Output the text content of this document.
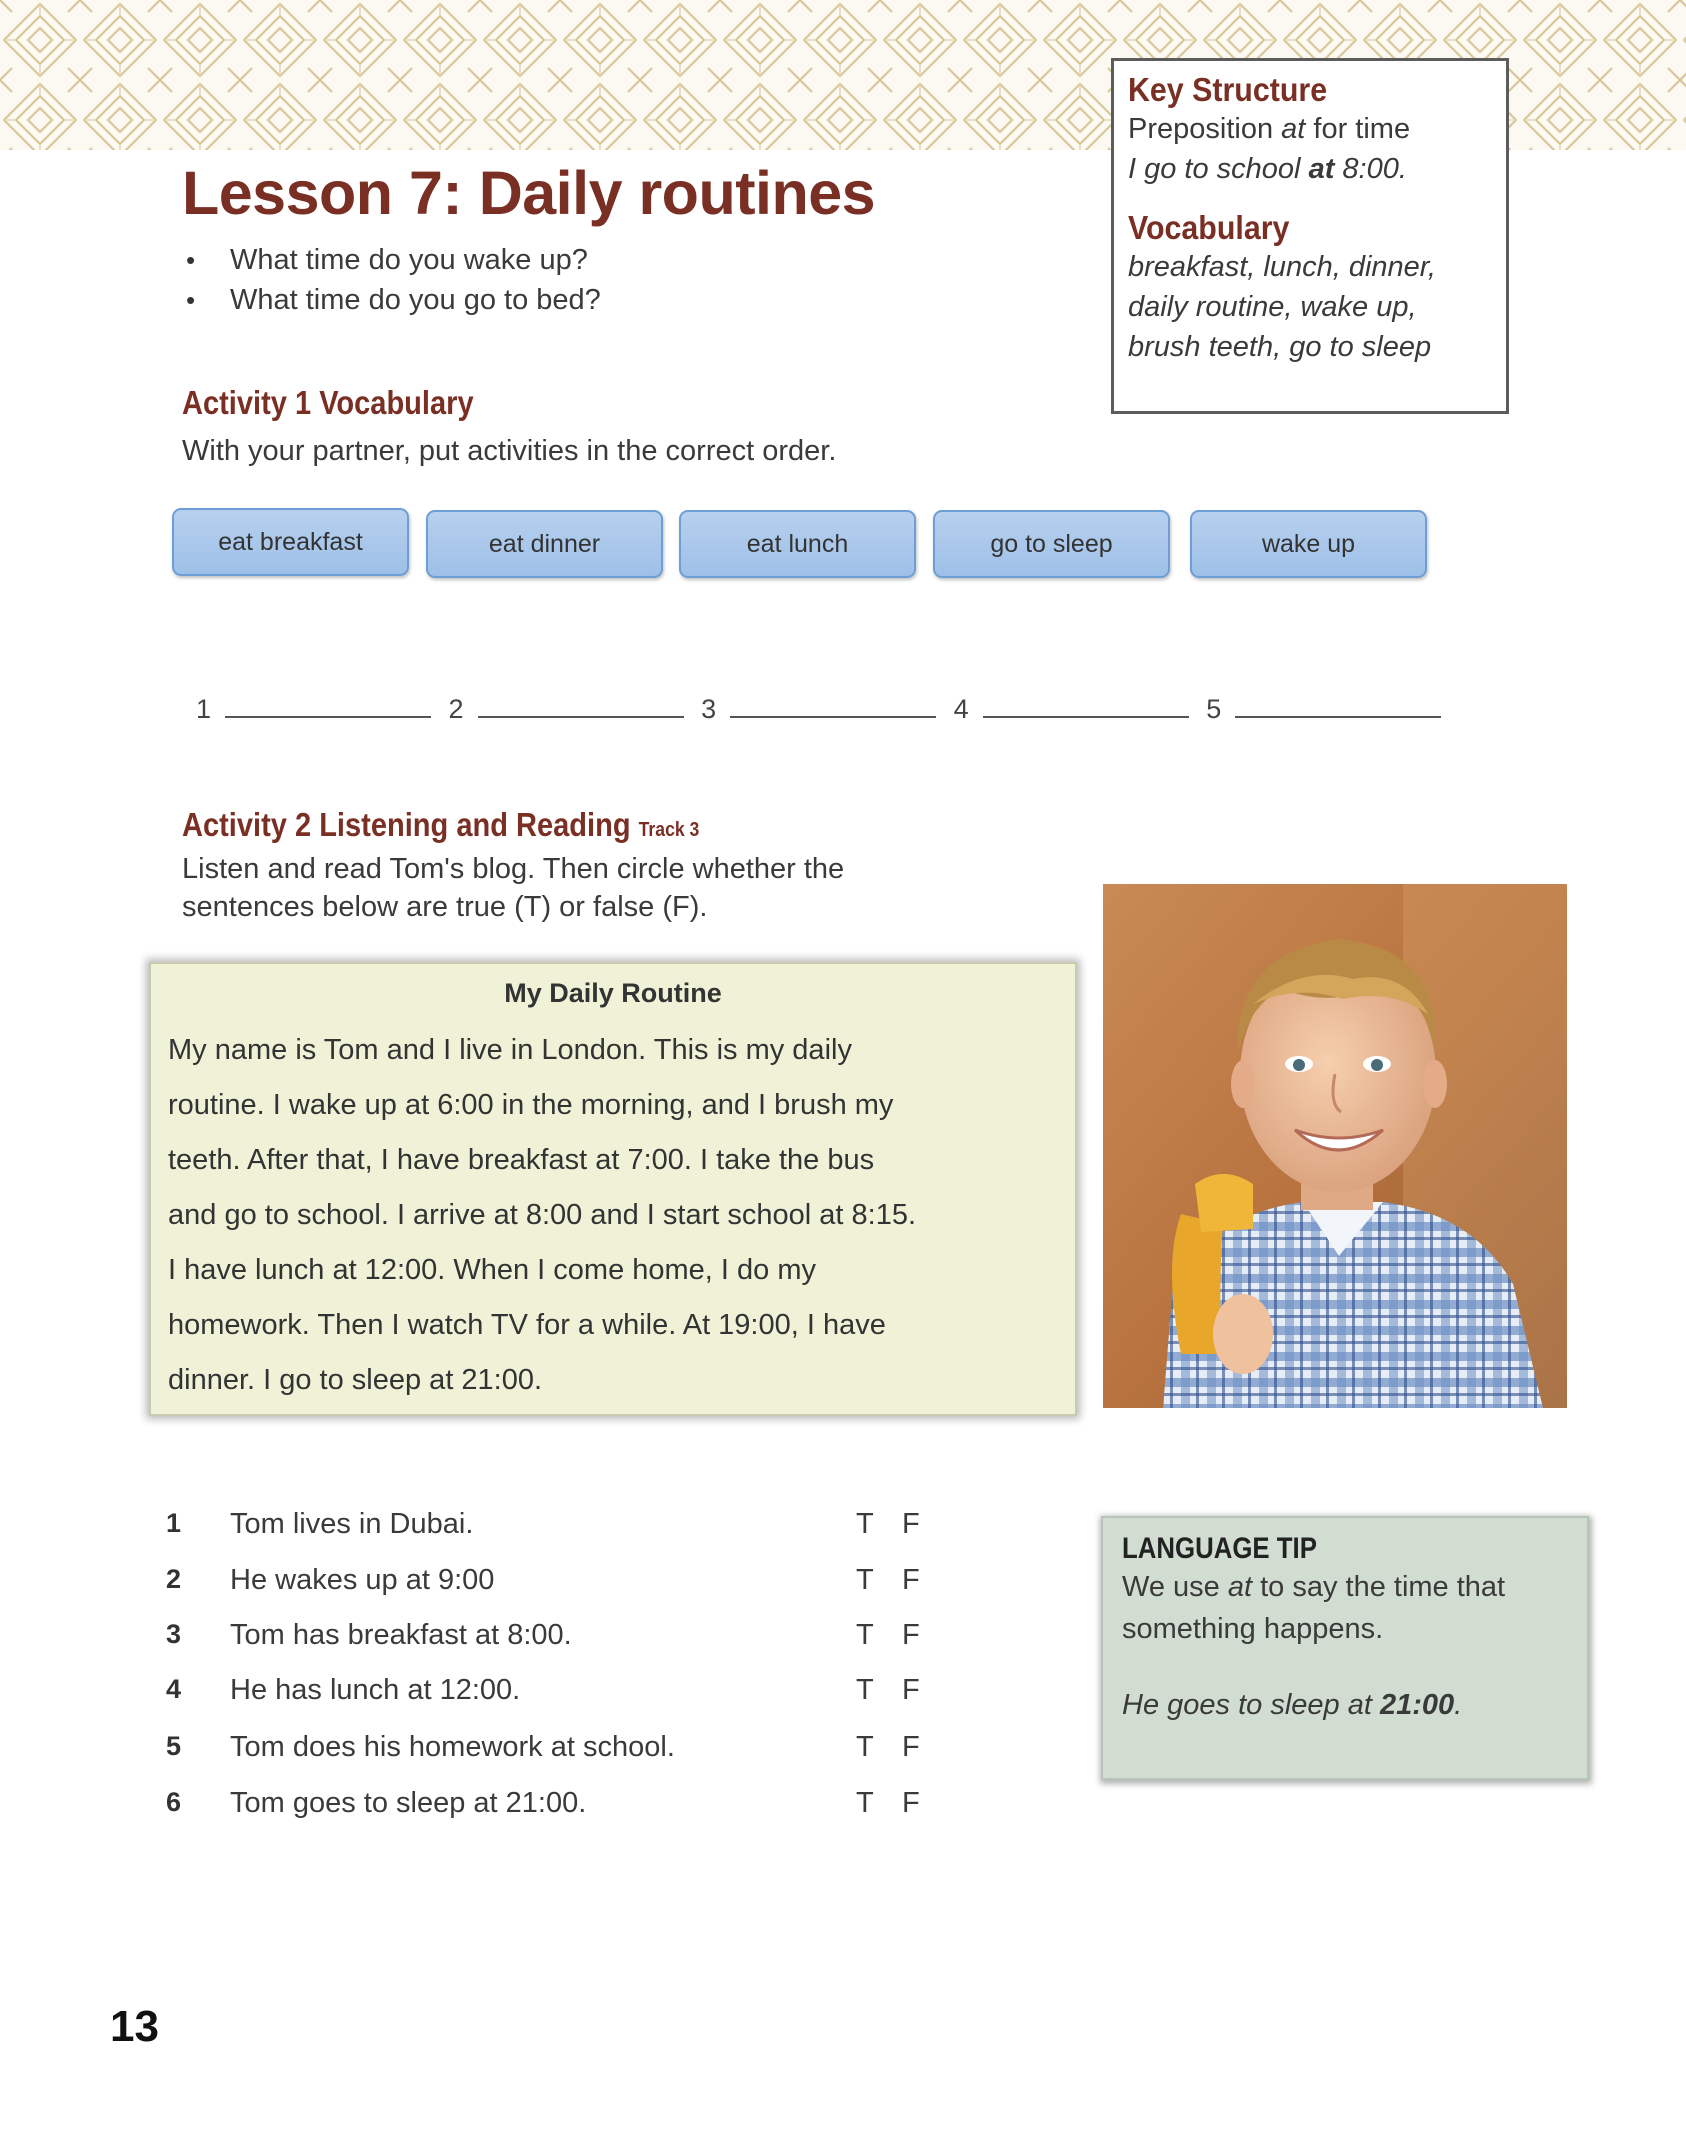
Lesson 7: Daily routines
• What time do you wake up?
• What time do you go to bed?
Key Structure
Preposition at for time
I go to school at 8:00.
Vocabulary
breakfast, lunch, dinner,
daily routine, wake up,
brush teeth, go to sleep
Activity 1 Vocabulary
With your partner, put activities in the correct order.
eat breakfast	eat dinner	eat lunch	go to sleep	wake up
1	2	3	4	5
Activity 2 Listening and Reading Track 3
Listen and read Tom's blog. Then circle whether the
sentences below are true (T) or false (F).
My Daily Routine
My name is Tom and I live in London. This is my daily
routine. I wake up at 6:00 in the morning, and I brush my
teeth. After that, I have breakfast at 7:00. I take the bus
and go to school. I arrive at 8:00 and I start school at 8:15.
I have lunch at 12:00. When I come home, I do my
homework. Then I watch TV for a while. At 19:00, I have
dinner. I go to sleep at 21:00.
1 Tom lives in Dubai.	T F
2 He wakes up at 9:00	T F
3 Tom has breakfast at 8:00.	T F
4 He has lunch at 12:00.	T F
5 Tom does his homework at school.	T F
6 Tom goes to sleep at 21:00.	T F
LANGUAGE TIP
We use at to say the time that
something happens.
He goes to sleep at 21:00.
13
